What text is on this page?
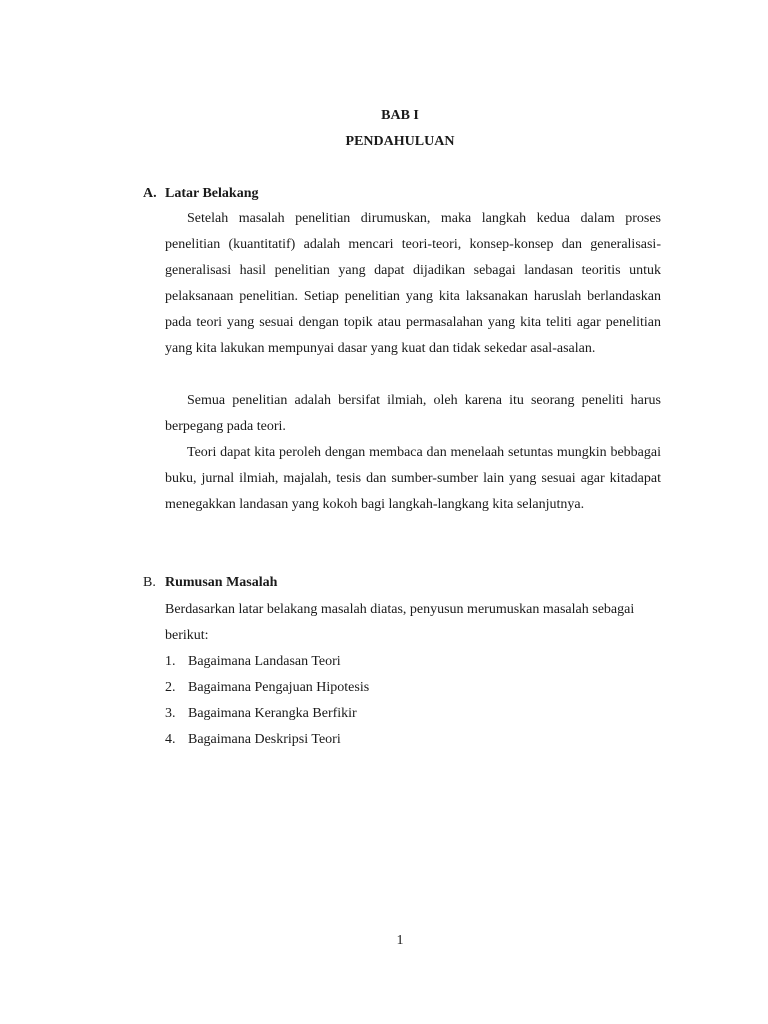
BAB I
PENDAHULUAN
A. Latar Belakang
Setelah masalah penelitian dirumuskan, maka langkah kedua dalam proses penelitian (kuantitatif) adalah mencari teori-teori, konsep-konsep dan generalisasi-generalisasi hasil penelitian yang dapat dijadikan sebagai landasan teoritis untuk pelaksanaan penelitian. Setiap penelitian yang kita laksanakan haruslah berlandaskan pada teori yang sesuai dengan topik atau permasalahan yang kita teliti agar penelitian yang kita lakukan mempunyai dasar yang kuat dan tidak sekedar asal-asalan.
Semua penelitian adalah bersifat ilmiah, oleh karena itu seorang peneliti harus berpegang pada teori.
Teori dapat kita peroleh dengan membaca dan menelaah setuntas mungkin bebbagai buku, jurnal ilmiah, majalah, tesis dan sumber-sumber lain yang sesuai agar kitadapat menegakkan landasan yang kokoh bagi langkah-langkang kita selanjutnya.
B. Rumusan Masalah
Berdasarkan latar belakang masalah diatas, penyusun merumuskan masalah sebagai berikut:
1. Bagaimana Landasan Teori
2. Bagaimana Pengajuan Hipotesis
3. Bagaimana Kerangka Berfikir
4. Bagaimana Deskripsi Teori
1
